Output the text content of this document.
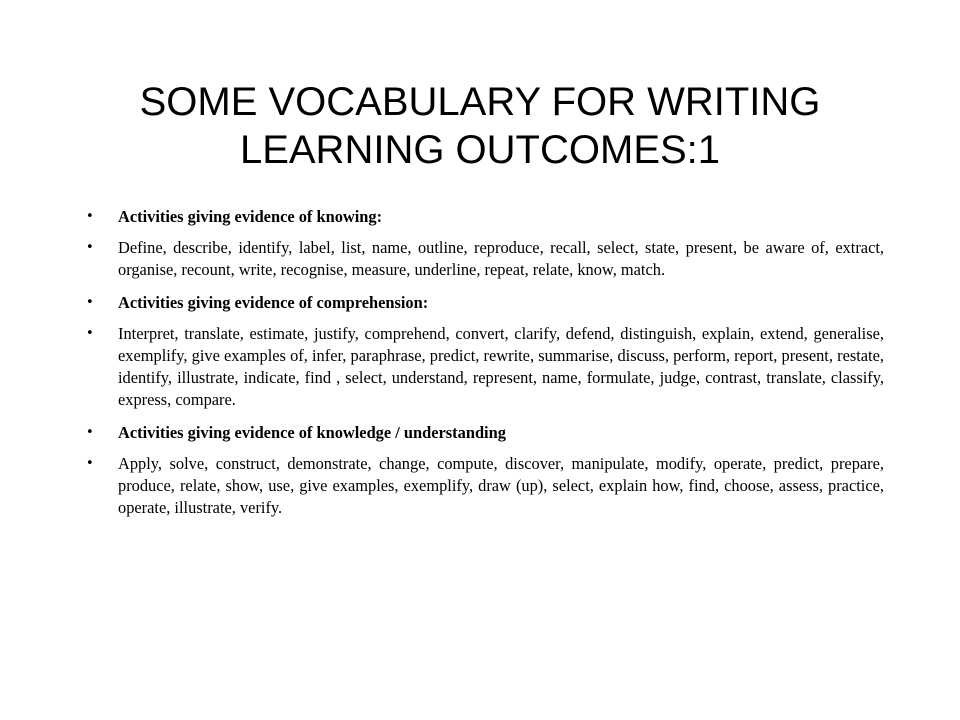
SOME VOCABULARY FOR WRITING
LEARNING OUTCOMES:1
• Activities giving evidence of knowing:
• Define, describe, identify, label, list, name, outline, reproduce, recall, select, state, present, be aware of, extract, organise, recount, write, recognise, measure, underline, repeat, relate, know, match.
• Activities giving evidence of comprehension:
• Interpret, translate, estimate, justify, comprehend, convert, clarify, defend, distinguish, explain, extend, generalise, exemplify, give examples of, infer, paraphrase, predict, rewrite, summarise, discuss, perform, report, present, restate, identify, illustrate, indicate, find , select, understand, represent, name, formulate, judge, contrast, translate, classify, express, compare.
• Activities giving evidence of knowledge / understanding
• Apply, solve, construct, demonstrate, change, compute, discover, manipulate, modify, operate, predict, prepare, produce, relate, show, use, give examples, exemplify, draw (up), select, explain how, find, choose, assess, practice, operate, illustrate, verify.
